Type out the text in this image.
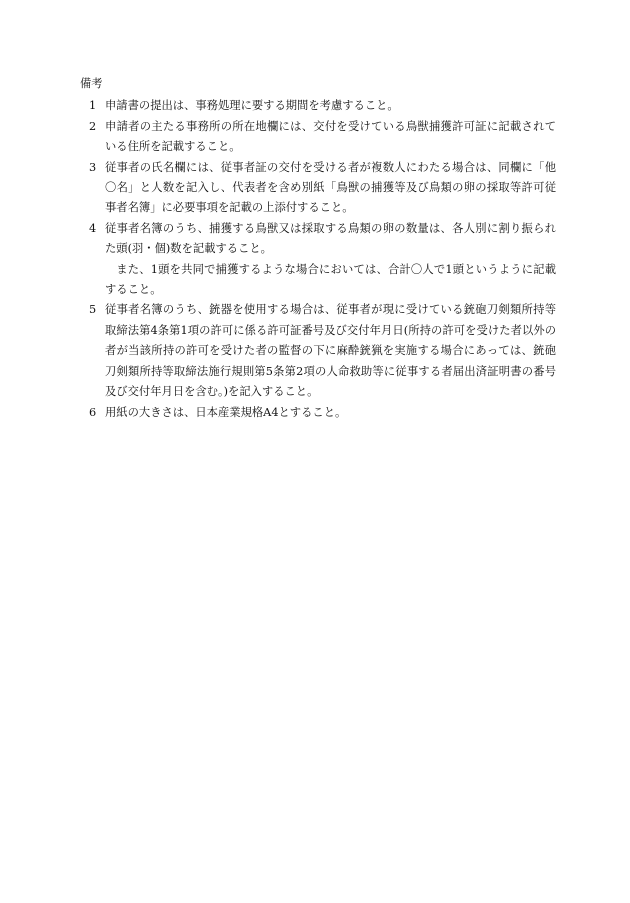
備考
1 申請書の提出は、事務処理に要する期間を考慮すること。
2 申請者の主たる事務所の所在地欄には、交付を受けている鳥獣捕獲許可証に記載されている住所を記載すること。
3 従事者の氏名欄には、従事者証の交付を受ける者が複数人にわたる場合は、同欄に「他〇名」と人数を記入し、代表者を含め別紙「鳥獣の捕獲等及び鳥類の卵の採取等許可従事者名簿」に必要事項を記載の上添付すること。
4 従事者名簿のうち、捕獲する鳥獣又は採取する鳥類の卵の数量は、各人別に割り振られた頭(羽・個)数を記載すること。
また、1頭を共同で捕獲するような場合においては、合計〇人で1頭というように記載すること。
5 従事者名簿のうち、銃器を使用する場合は、従事者が現に受けている銃砲刀剣類所持等取締法第4条第1項の許可に係る許可証番号及び交付年月日(所持の許可を受けた者以外の者が当該所持の許可を受けた者の監督の下に麻酔銃猟を実施する場合にあっては、銃砲刀剣類所持等取締法施行規則第5条第2項の人命救助等に従事する者届出済証明書の番号及び交付年月日を含む。)を記入すること。
6 用紙の大きさは、日本産業規格A4とすること。
